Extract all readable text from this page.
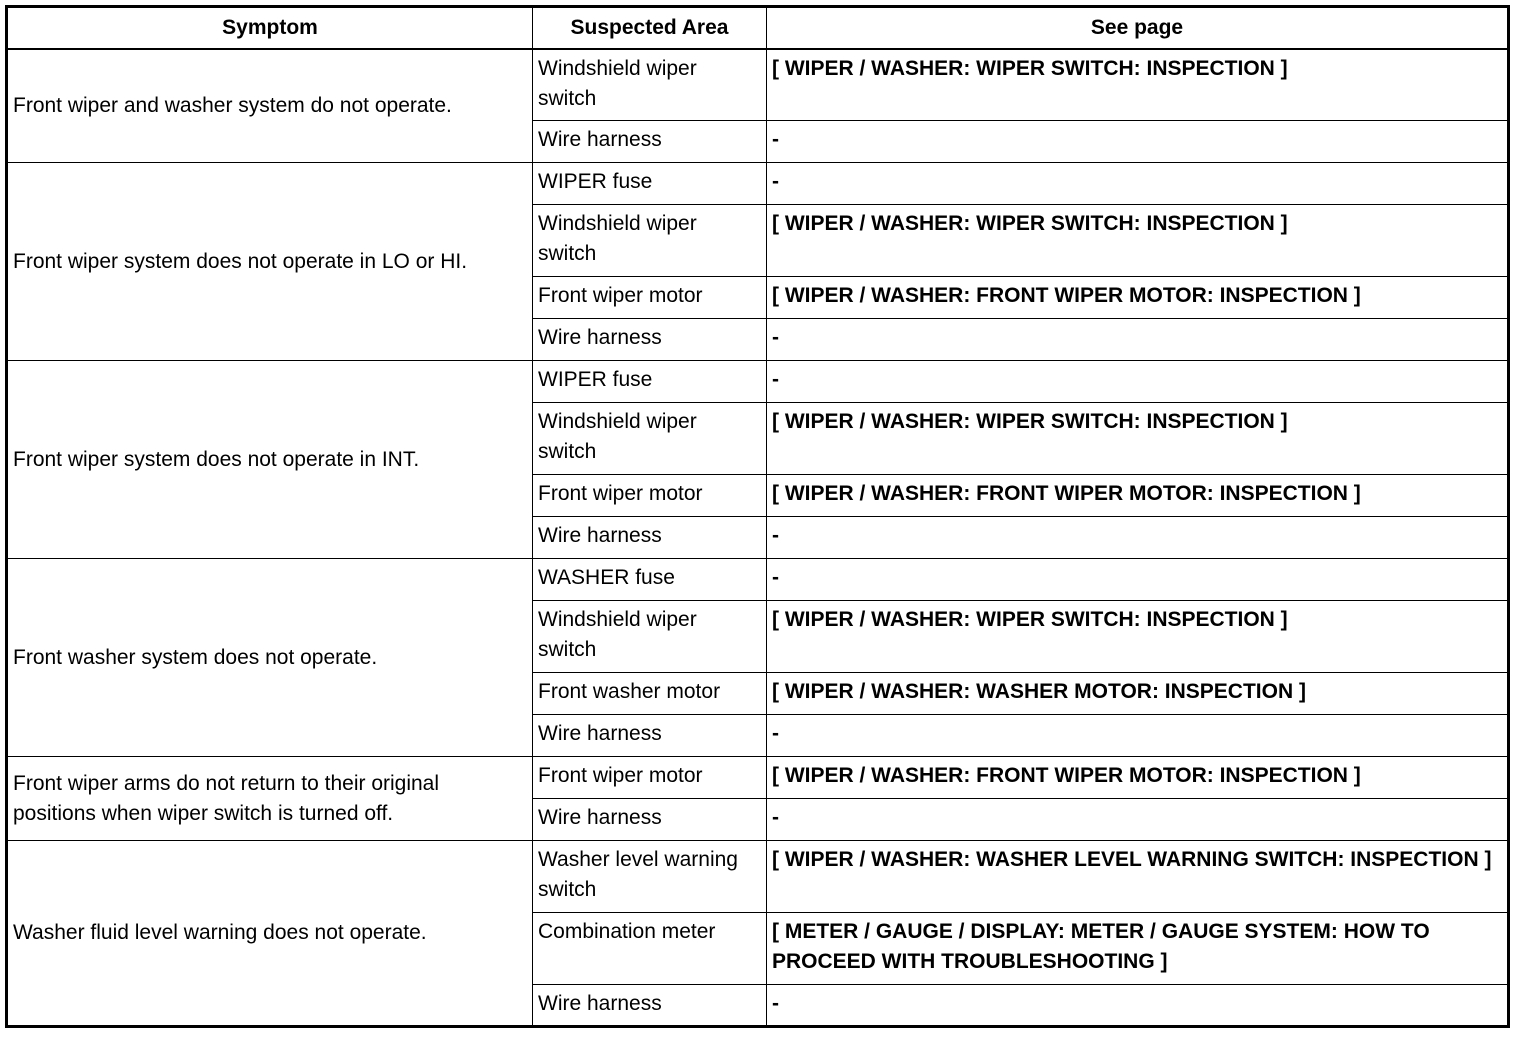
Symptom	Suspected Area	See page
Front wiper and washer system do not operate.	Windshield wiper switch	[ WIPER / WASHER: WIPER SWITCH: INSPECTION ]
	Wire harness	-
Front wiper system does not operate in LO or HI.	WIPER fuse	-
	Windshield wiper switch	[ WIPER / WASHER: WIPER SWITCH: INSPECTION ]
	Front wiper motor	[ WIPER / WASHER: FRONT WIPER MOTOR: INSPECTION ]
	Wire harness	-
Front wiper system does not operate in INT.	WIPER fuse	-
	Windshield wiper switch	[ WIPER / WASHER: WIPER SWITCH: INSPECTION ]
	Front wiper motor	[ WIPER / WASHER: FRONT WIPER MOTOR: INSPECTION ]
	Wire harness	-
Front washer system does not operate.	WASHER fuse	-
	Windshield wiper switch	[ WIPER / WASHER: WIPER SWITCH: INSPECTION ]
	Front washer motor	[ WIPER / WASHER: WASHER MOTOR: INSPECTION ]
	Wire harness	-
Front wiper arms do not return to their original positions when wiper switch is turned off.	Front wiper motor	[ WIPER / WASHER: FRONT WIPER MOTOR: INSPECTION ]
	Wire harness	-
Washer fluid level warning does not operate.	Washer level warning switch	[ WIPER / WASHER: WASHER LEVEL WARNING SWITCH: INSPECTION ]
	Combination meter	[ METER / GAUGE / DISPLAY: METER / GAUGE SYSTEM: HOW TO PROCEED WITH TROUBLESHOOTING ]
	Wire harness	-
